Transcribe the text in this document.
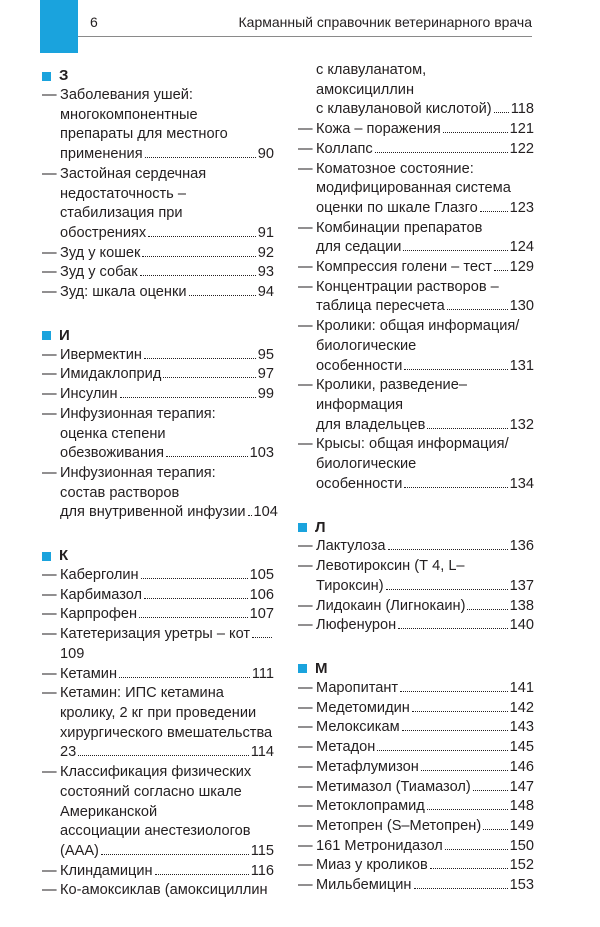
6	Карманный справочник ветеринарного врача
З
— Заболевания ушей:
многокомпонентные
препараты для местного
применения	90
— Застойная сердечная
недостаточность –
стабилизация при
обострениях	91
— Зуд у кошек	92
— Зуд у собак	93
— Зуд: шкала оценки	94
И
— Ивермектин	95
— Имидаклоприд	97
— Инсулин	99
— Инфузионная терапия:
оценка степени
обезвоживания	103
— Инфузионная терапия:
состав растворов
для внутривенной инфузии 104
К
— Каберголин	105
— Карбимазол	106
— Карпрофен	107
— Катетеризация уретры – кот
109
— Кетамин	111
— Кетамин: ИПС кетамина
кролику, 2 кг при проведении
хирургического вмешательства
23	114
— Классификация физических
состояний согласно шкале
Американской
ассоциации анестезиологов
(ААА)	115
— Клиндамицин	116
— Ко-амоксиклав (амоксициллин
с клавуланатом,
амоксициллин
с клавулановой кислотой) 118
— Кожа – поражения	121
— Коллапс	122
— Коматозное состояние:
модифицированная система
оценки по шкале Глазго 123
— Комбинации препаратов
для седации	124
— Компрессия голени – тест 129
— Концентрации растворов –
таблица пересчета	130
— Кролики: общая информация/
биологические
особенности	131
— Кролики, разведение–
информация
для владельцев	132
— Крысы: общая информация/
биологические
особенности	134
Л
— Лактулоза	136
— Левотироксин (Т 4, L–
Тироксин)	137
— Лидокаин (Лигнокаин)	138
— Люфенурон	140
М
— Маропитант	141
— Медетомидин	142
— Мелоксикам	143
— Метадон	145
— Метафлумизон	146
— Метимазол (Тиамазол)	147
— Метоклопрамид	148
— Метопрен (S–Метопрен) 149
— 161 Метронидазол	150
— Миаз у кроликов	152
— Мильбемицин	153
